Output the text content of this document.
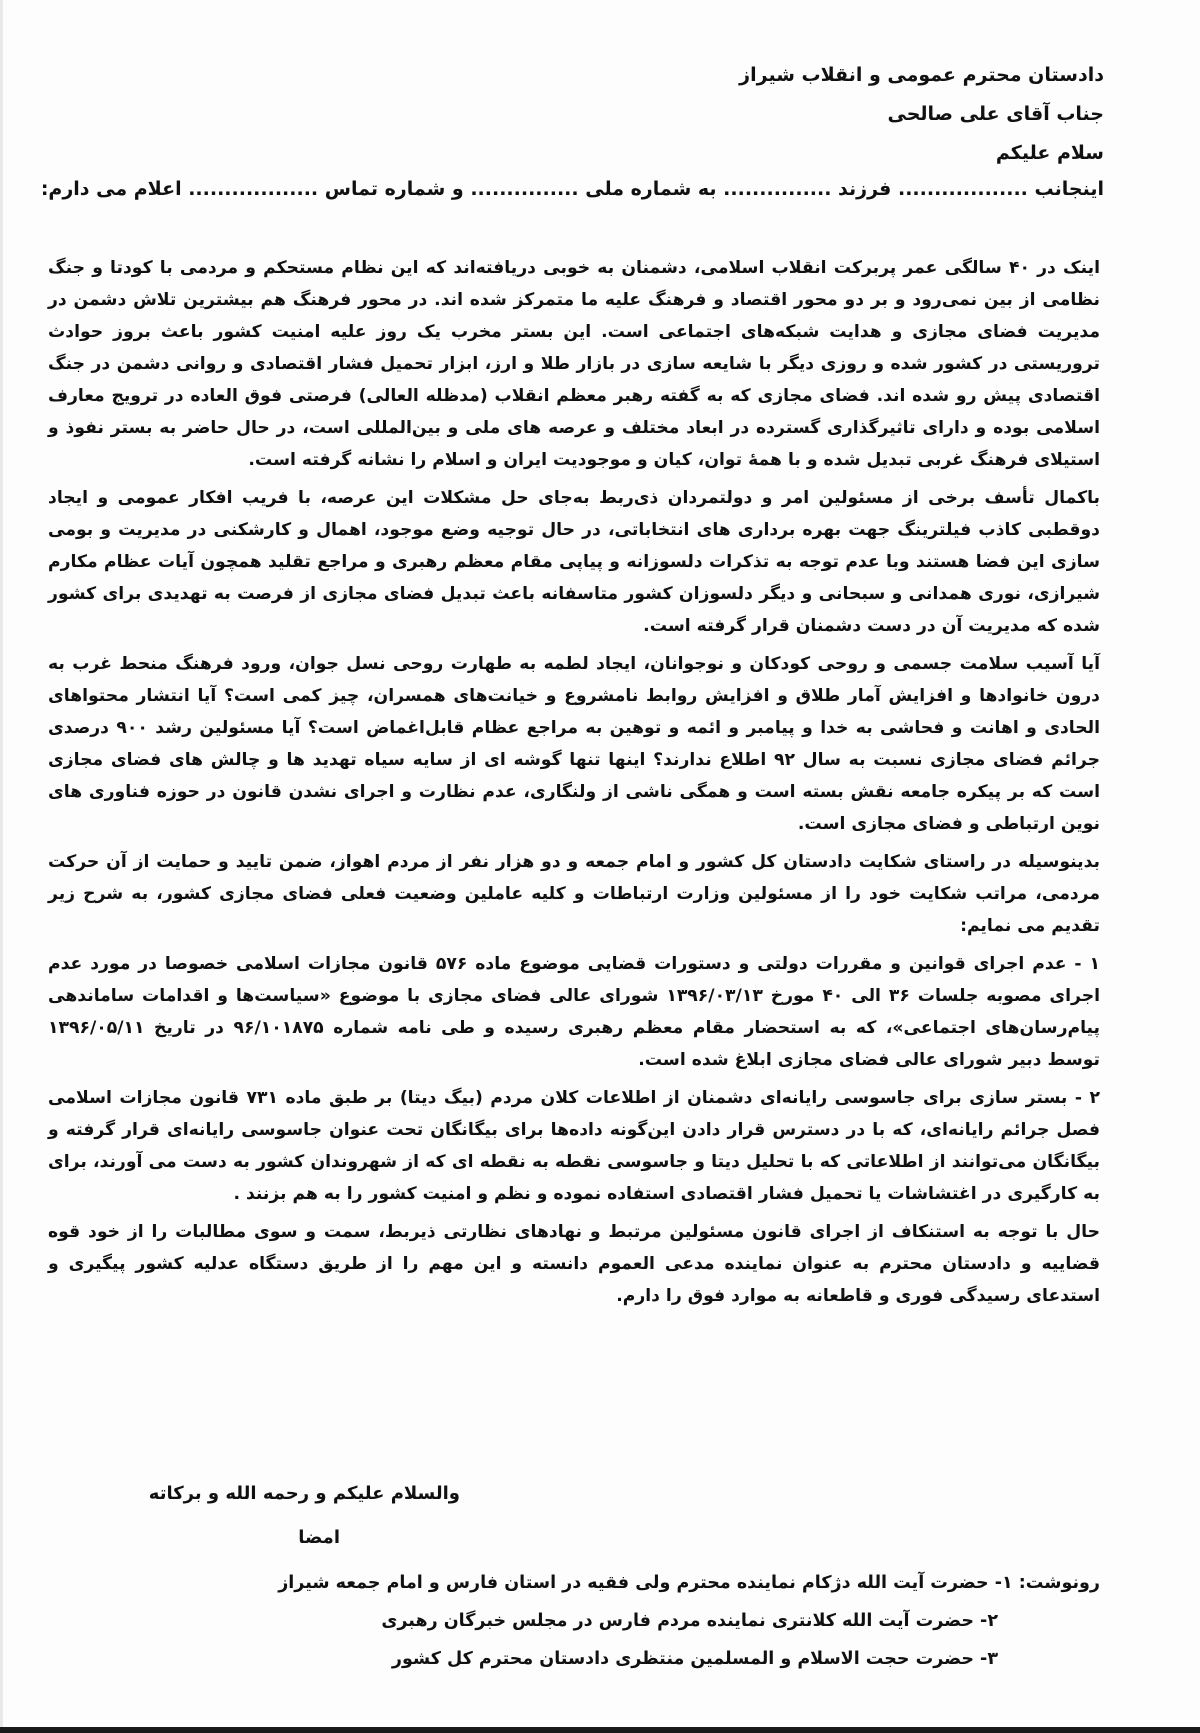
دادستان محترم عمومی و انقلاب شیراز
جناب آقای علی صالحی
سلام علیکم
اینجانب .................. فرزند ............... به شماره ملی ............... و شماره تماس .................. اعلام می دارم:

اینک در ۴۰ سالگی عمر پربرکت انقلاب اسلامی، دشمنان به خوبی دریافته‌اند که این نظام مستحکم و مردمی با کودتا و جنگ نظامی از بین نمی‌رود و بر دو محور اقتصاد و فرهنگ علیه ما متمرکز شده اند. در محور فرهنگ هم بیشترین تلاش دشمن در مدیریت فضای مجازی و هدایت شبکه‌های اجتماعی است. این بستر مخرب یک روز علیه امنیت کشور باعث بروز حوادث تروریستی در کشور شده و روزی دیگر با شایعه سازی در بازار طلا و ارز، ابزار تحمیل فشار اقتصادی و روانی دشمن در جنگ اقتصادی پیش رو شده اند. فضای مجازی که به گفته رهبر معظم انقلاب (مدظله العالی) فرصتی فوق العاده در ترویج معارف اسلامی بوده و دارای تاثیرگذاری گسترده در ابعاد مختلف و عرصه های ملی و بین‌المللی است، در حال حاضر به بستر نفوذ و استیلای فرهنگ غربی تبدیل شده و با همهٔ توان، کیان و موجودیت ایران و اسلام را نشانه گرفته است.

باکمال تأسف برخی از مسئولین امر و دولتمردان ذی‌ربط به‌جای حل مشکلات این عرصه، با فریب افکار عمومی و ایجاد دوقطبی کاذب فیلترینگ جهت بهره برداری های انتخاباتی، در حال توجیه وضع موجود، اهمال و کارشکنی در مدیریت و بومی سازی این فضا هستند وبا عدم توجه به تذکرات دلسوزانه و پیاپی مقام معظم رهبری و مراجع تقلید همچون آیات عظام مکارم شیرازی، نوری همدانی و سبحانی و دیگر دلسوزان کشور متاسفانه باعث تبدیل فضای مجازی از فرصت به تهدیدی برای کشور شده که مدیریت آن در دست دشمنان قرار گرفته است.

آیا آسیب سلامت جسمی و روحی کودکان و نوجوانان، ایجاد لطمه به طهارت روحی نسل جوان، ورود فرهنگ منحط غرب به درون خانوادها و افزایش آمار طلاق و افزایش روابط نامشروع و خیانت‌های همسران، چیز کمی است؟ آیا انتشار محتواهای الحادی و اهانت و فحاشی به خدا و پیامبر و ائمه و توهین به مراجع عظام قابل‌اغماض است؟ آیا مسئولین رشد ۹۰۰ درصدی جرائم فضای مجازی نسبت به سال ۹۲ اطلاع ندارند؟ اینها تنها گوشه ای از سایه سیاه تهدید ها و چالش های فضای مجازی است که بر پیکره جامعه نقش بسته است و همگی ناشی از ولنگاری، عدم نظارت و اجرای نشدن قانون در حوزه فناوری های نوین ارتباطی و فضای مجازی است.

بدینوسیله در راستای شکایت دادستان کل کشور و امام جمعه و دو هزار نفر از مردم اهواز، ضمن تایید و حمایت از آن حرکت مردمی، مراتب شکایت خود را از مسئولین وزارت ارتباطات و کلیه عاملین وضعیت فعلی فضای مجازی کشور، به شرح زیر تقدیم می نمایم:

۱ - عدم اجرای قوانین و مقررات دولتی و دستورات قضایی موضوع ماده ۵۷۶ قانون مجازات اسلامی خصوصا در مورد عدم اجرای مصوبه جلسات ۳۶ الی ۴۰ مورخ ۱۳۹۶/۰۳/۱۳ شورای عالی فضای مجازی با موضوع «سیاست‌ها و اقدامات ساماندهی پیام‌رسان‌های اجتماعی»، که به استحضار مقام معظم رهبری رسیده و طی نامه شماره ۹۶/۱۰۱۸۷۵ در تاریخ ۱۳۹۶/۰۵/۱۱ توسط دبیر شورای عالی فضای مجازی ابلاغ شده است.

۲ - بستر سازی برای جاسوسی رایانه‌ای دشمنان از اطلاعات کلان مردم (بیگ دیتا) بر طبق ماده ۷۳۱ قانون مجازات اسلامی فصل جرائم رایانه‌ای، که با در دسترس قرار دادن این‌گونه داده‌ها برای بیگانگان تحت عنوان جاسوسی رایانه‌ای قرار گرفته و بیگانگان می‌توانند از اطلاعاتی که با تحلیل دیتا و جاسوسی نقطه به نقطه ای که از شهروندان کشور به دست می آورند، برای به کارگیری در اغتشاشات یا تحمیل فشار اقتصادی استفاده نموده و نظم و امنیت کشور را به هم بزنند .

حال با توجه به استنکاف از اجرای قانون مسئولین مرتبط و نهادهای نظارتی ذیربط، سمت و سوی مطالبات را از خود قوه قضاییه و دادستان محترم به عنوان نماینده مدعی العموم دانسته و این مهم را از طریق دستگاه عدلیه کشور پیگیری و استدعای رسیدگی فوری و قاطعانه به موارد فوق را دارم.

والسلام علیکم و رحمه الله و برکاته
امضا
رونوشت: ۱- حضرت آیت الله دژکام نماینده محترم ولی فقیه در استان فارس و امام جمعه شیراز
۲- حضرت آیت الله کلانتری نماینده مردم فارس در مجلس خبرگان رهبری
۳- حضرت حجت الاسلام و المسلمین منتظری دادستان محترم کل کشور
